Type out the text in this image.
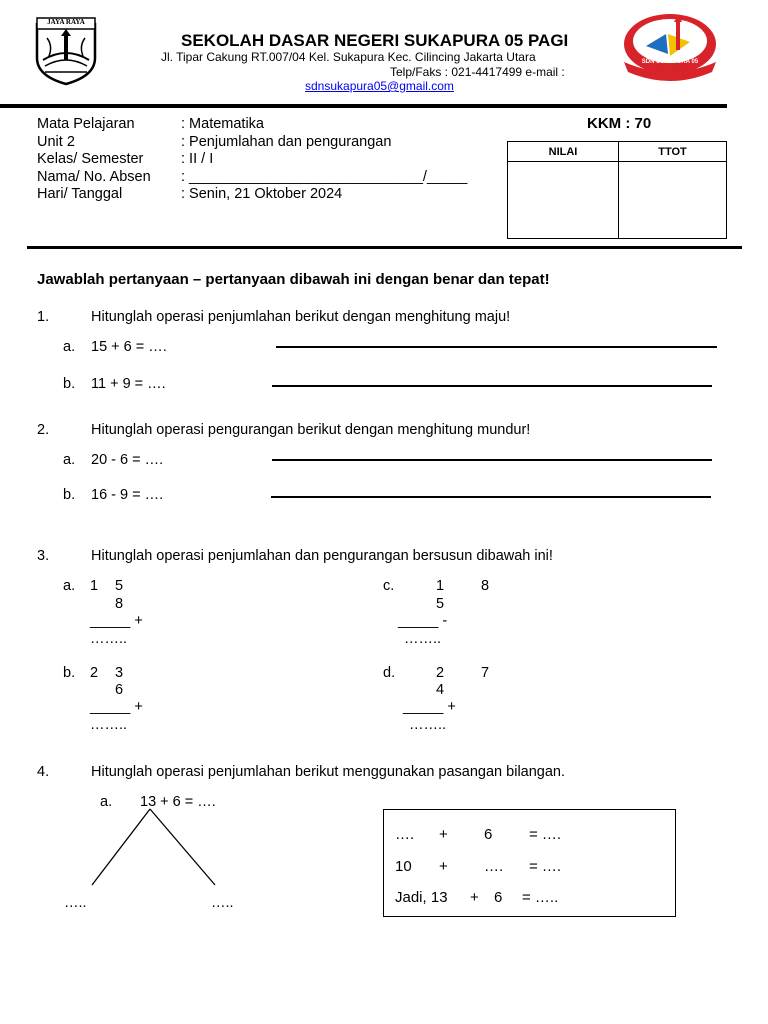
JAYA RAYA
SEKOLAH DASAR NEGERI SUKAPURA 05 PAGI
Jl. Tipar Cakung RT.007/04 Kel. Sukapura Kec. Cilincing Jakarta Utara
Telp/Faks : 021-4417499 e-mail :
sdnsukapura05@gmail.com
SDN SUKAPURA 05
Mata Pelajaran	: Matematika
Unit 2	: Penjumlahan dan pengurangan
Kelas/ Semester	: II / I
Nama/ No. Absen : _____________________________/_____
Hari/ Tanggal	: Senin, 21 Oktober 2024
KKM : 70
NILAI	TTOT
Jawablah pertanyaan – pertanyaan dibawah ini dengan benar dan tepat!
1.	Hitunglah operasi penjumlahan berikut dengan menghitung maju!
a. 15 + 6 = ….
b. 11 + 9 = ….
2.	Hitunglah operasi pengurangan berikut dengan menghitung mundur!
a. 20 - 6 = ….
b. 16 - 9 = ….
3.	Hitunglah operasi penjumlahan dan pengurangan bersusun dibawah ini!
a. 1 5
8
_____ +
……..
c.	1	8
5
_____ -
……..
b. 2 3
6
_____ +
……..
d.	2	7
4
_____ +
……..
4.	Hitunglah operasi penjumlahan berikut menggunakan pasangan bilangan.
a. 13 + 6 = ….
…..	…..
…. + 6 = ….
10 + …. = ….
Jadi, 13 + 6 = …..
